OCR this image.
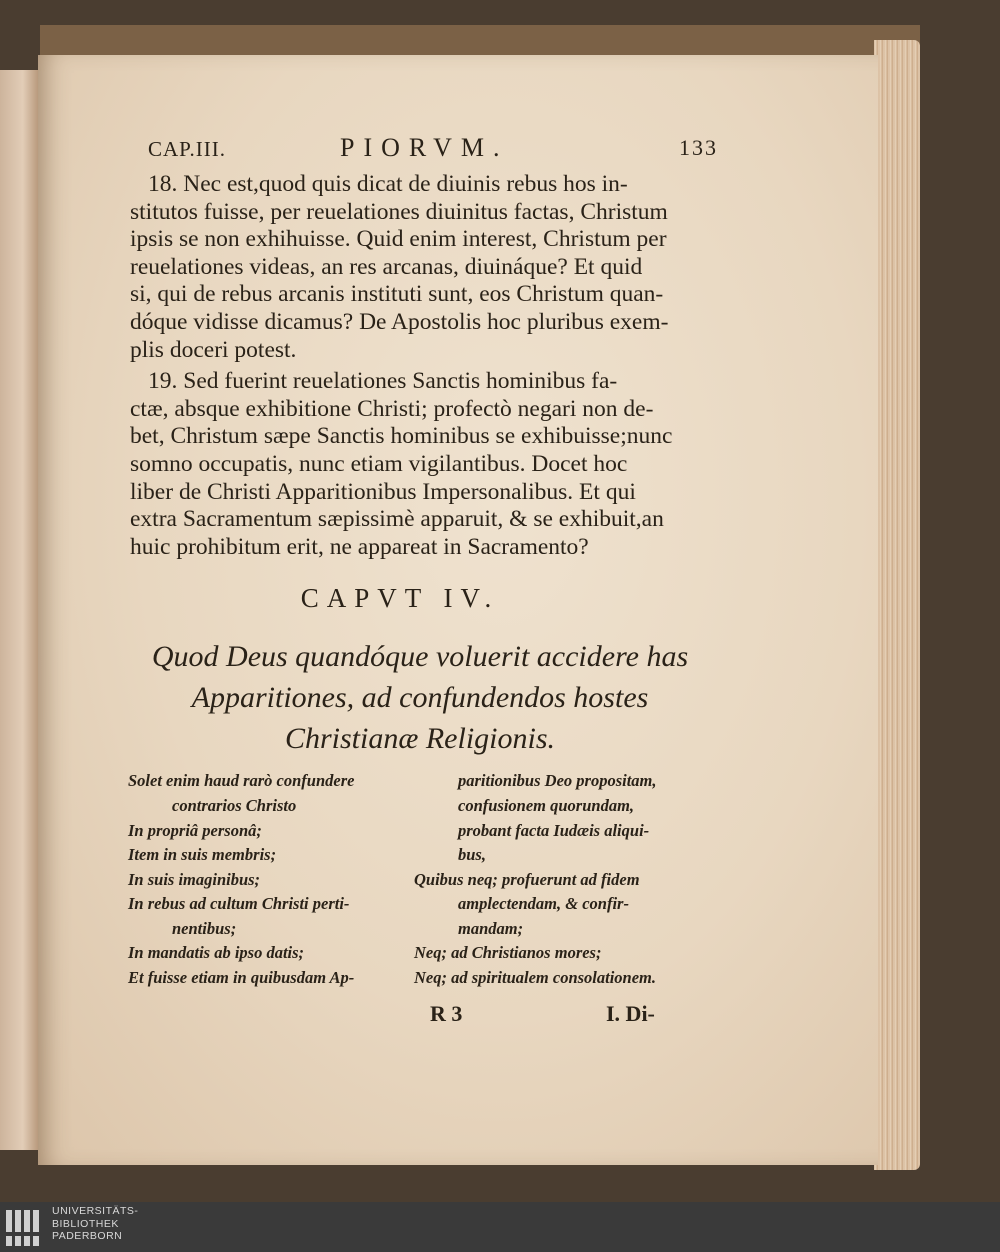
CAP.III.	PIORVM.	133
18. Nec est,quod quis dicat de diuinis rebus hos in-
stitutos fuisse, per reuelationes diuinitus factas, Christum
ipsis se non exhihuisse. Quid enim interest, Christum per
reuelationes videas, an res arcanas, diuináque? Et quid
si, qui de rebus arcanis instituti sunt, eos Christum quan-
dóque vidisse dicamus? De Apostolis hoc pluribus exem-
plis doceri potest.
19. Sed fuerint reuelationes Sanctis hominibus fa-
ctæ, absque exhibitione Christi; profectò negari non de-
bet, Christum sæpe Sanctis hominibus se exhibuisse;nunc
somno occupatis, nunc etiam vigilantibus. Docet hoc
liber de Christi Apparitionibus Impersonalibus. Et qui
extra Sacramentum sæpissimè apparuit, & se exhibuit,an
huic prohibitum erit, ne appareat in Sacramento?
CAPVT IV.
Quod Deus quandóque voluerit accidere has
Apparitiones, ad confundendos hostes
Christianæ Religionis.
Solet enim haud rarò confundere
contrarios Christo
In propriâ personâ;
Item in suis membris;
In suis imaginibus;
In rebus ad cultum Christi perti-
nentibus;
In mandatis ab ipso datis;
Et fuisse etiam in quibusdam Ap-
paritionibus Deo propositam,
confusionem quorundam,
probant facta Iudæis aliqui-
bus,
Quibus neq; profuerunt ad fidem
amplectendam, & confir-
mandam;
Neq; ad Christianos mores;
Neq; ad spiritualem consolationem.
R 3	I. Di-
UNIVERSITÄTS-
BIBLIOTHEK
PADERBORN
